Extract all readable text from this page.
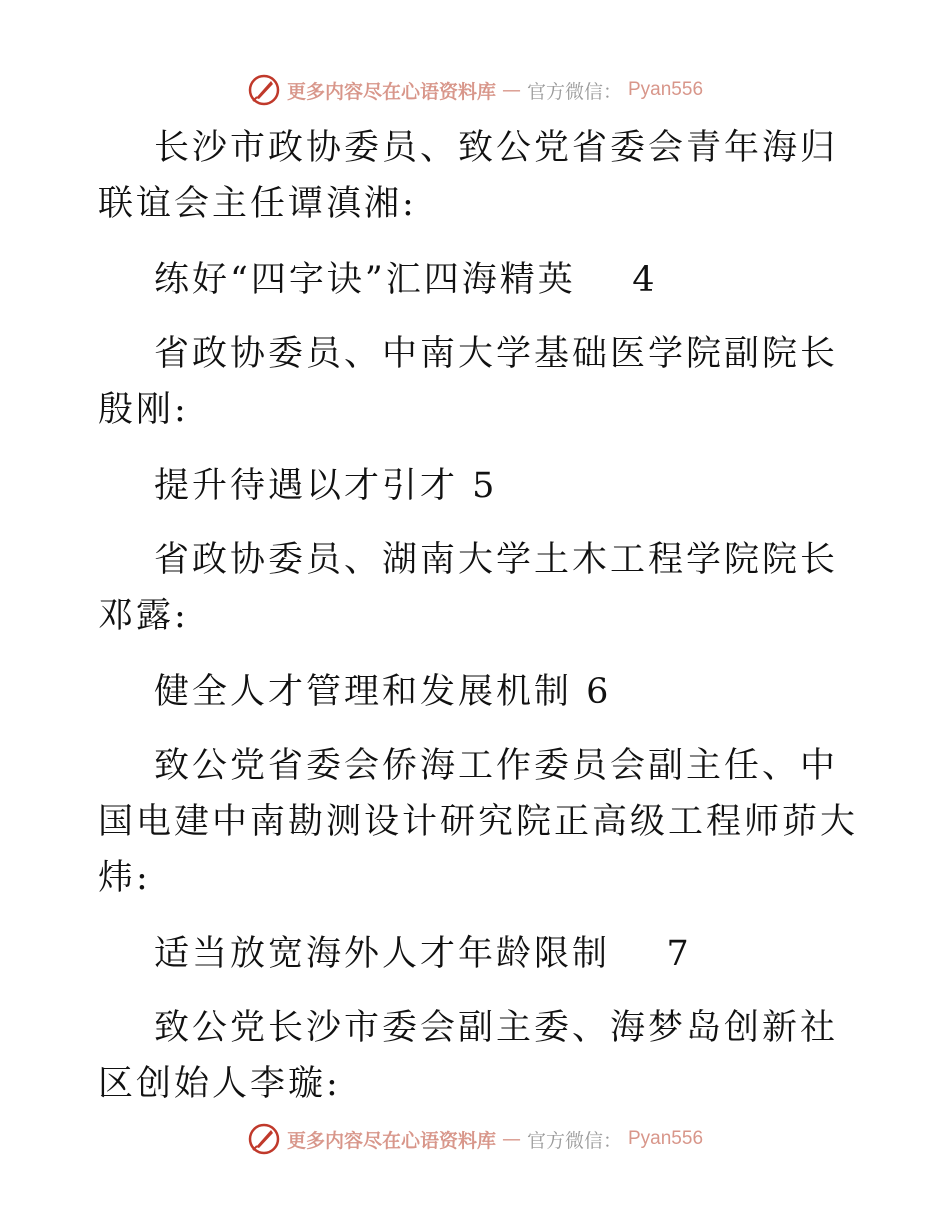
更多内容尽在心语资料库 — 官方微信： Pyan556

长沙市政协委员、致公党省委会青年海归联谊会主任谭滇湘:

练好“四字诀”汇四海精英    4

省政协委员、中南大学基础医学院副院长殷刚:

提升待遇以才引才 5

省政协委员、湖南大学土木工程学院院长邓露:

健全人才管理和发展机制 6

致公党省委会侨海工作委员会副主任、中国电建中南勘测设计研究院正高级工程师茆大炜:

适当放宽海外人才年龄限制    7

致公党长沙市委会副主委、海梦岛创新社区创始人李璇:

更多内容尽在心语资料库 — 官方微信： Pyan556
